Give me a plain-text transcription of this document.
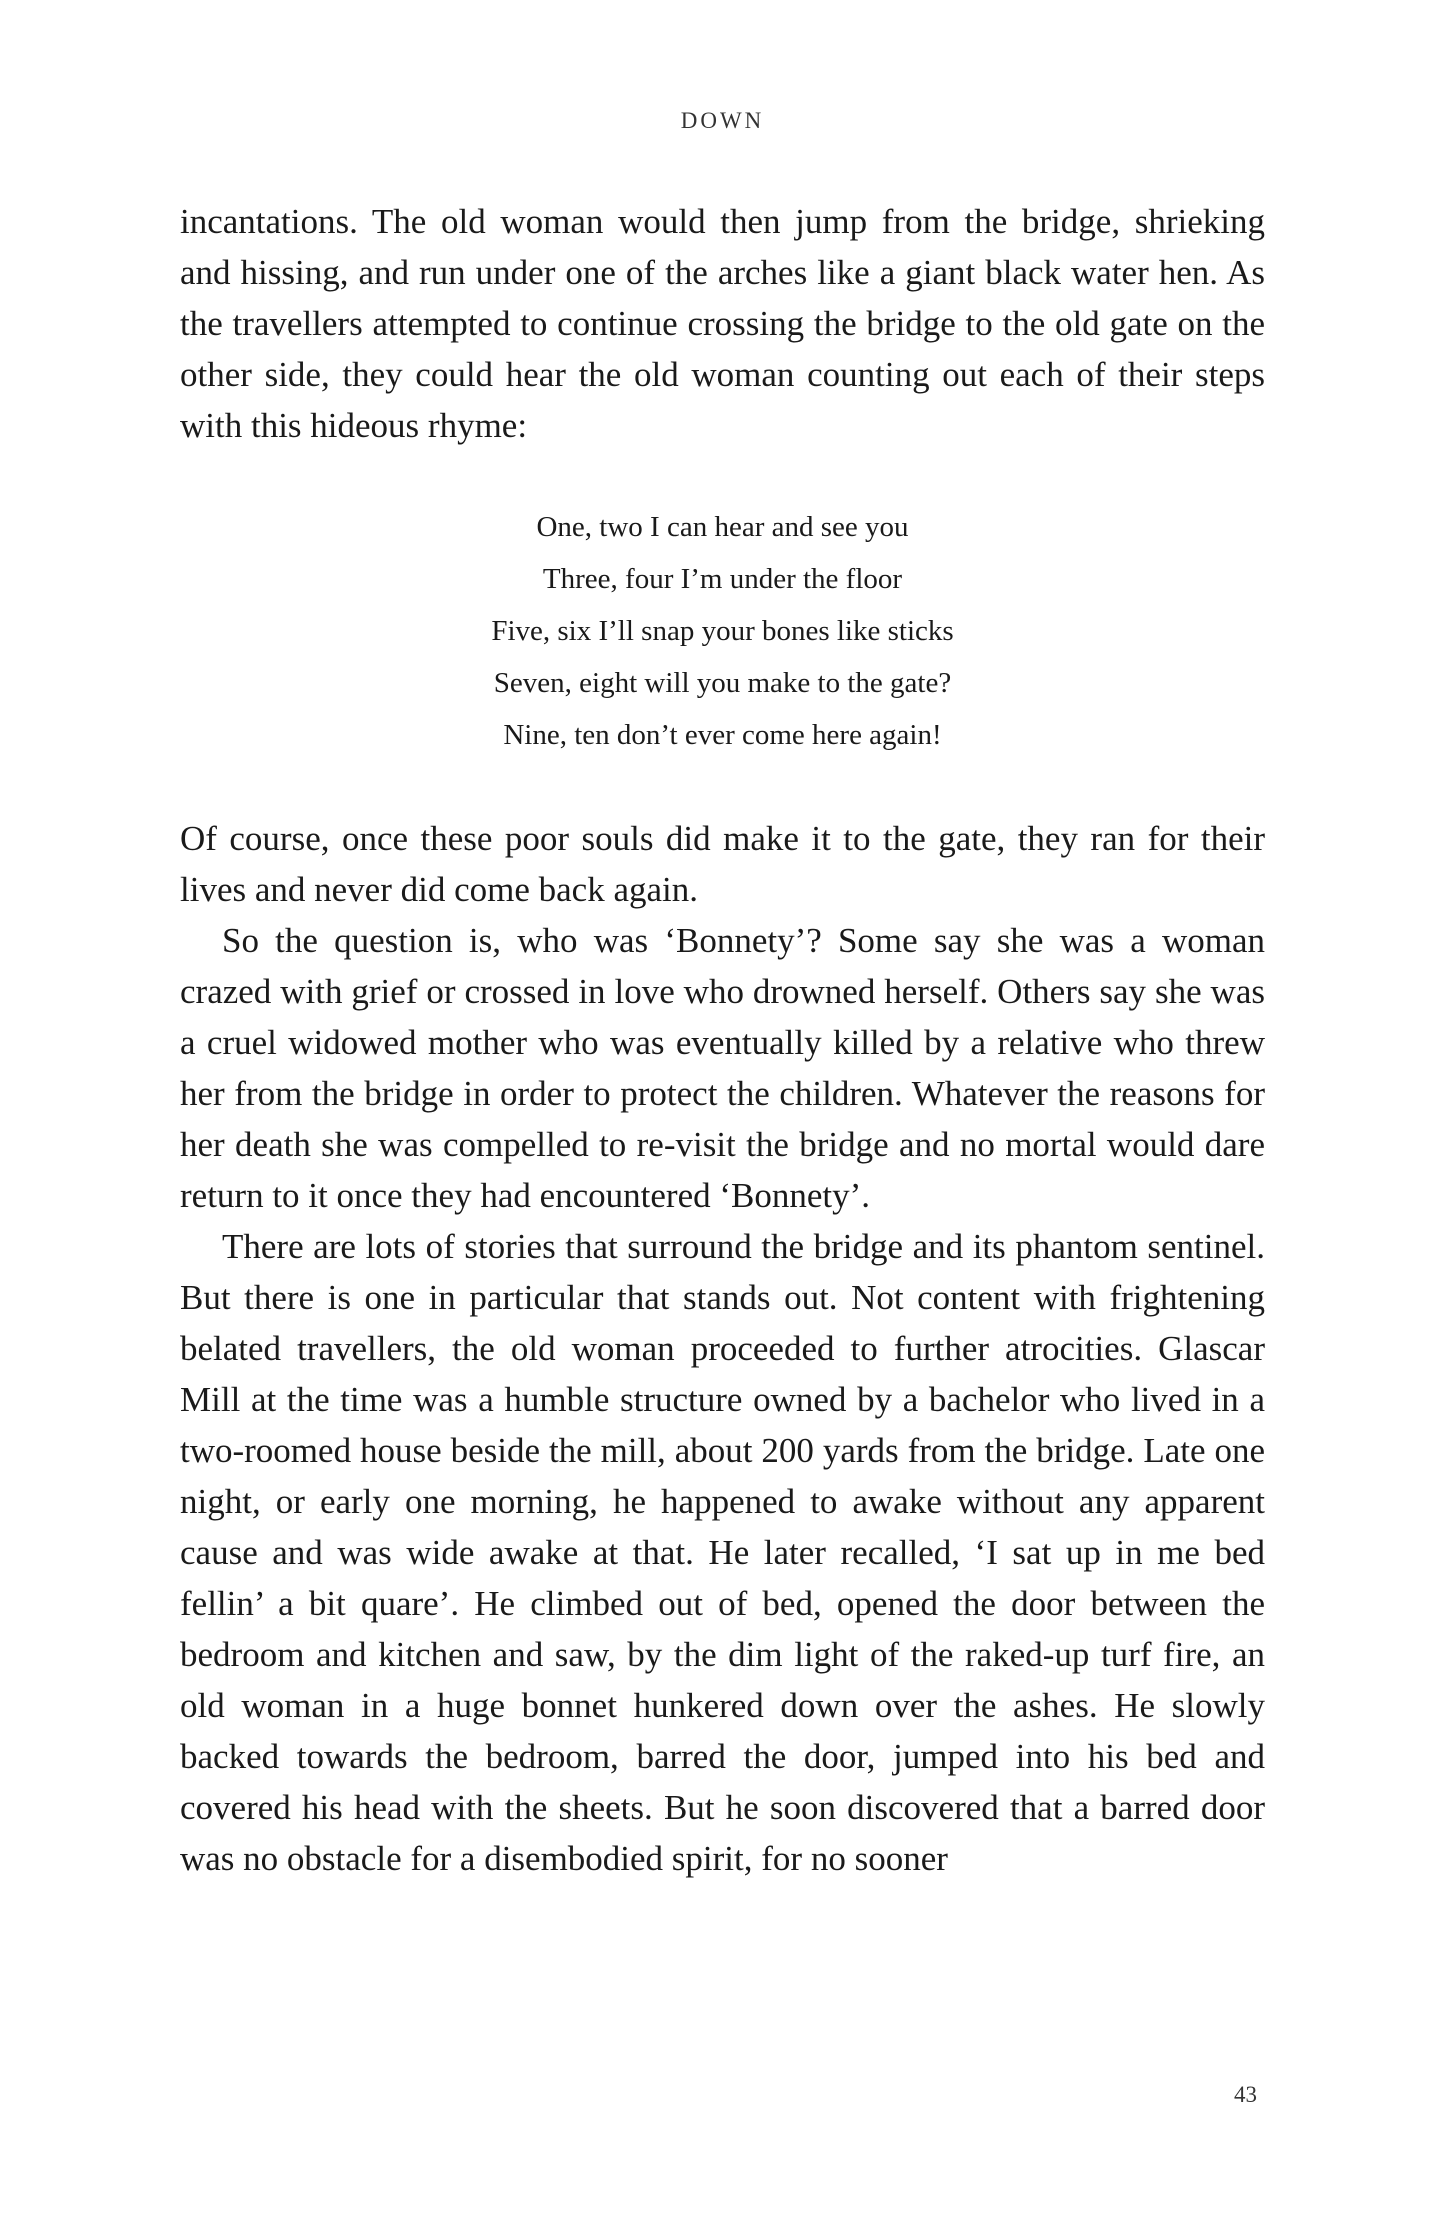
DOWN

incantations. The old woman would then jump from the bridge, shrieking and hissing, and run under one of the arches like a giant black water hen. As the travellers attempted to continue crossing the bridge to the old gate on the other side, they could hear the old woman counting out each of their steps with this hideous rhyme:

One, two I can hear and see you
Three, four I’m under the floor
Five, six I’ll snap your bones like sticks
Seven, eight will you make to the gate?
Nine, ten don’t ever come here again!

Of course, once these poor souls did make it to the gate, they ran for their lives and never did come back again.

So the question is, who was ‘Bonnety’? Some say she was a woman crazed with grief or crossed in love who drowned herself. Others say she was a cruel widowed mother who was eventually killed by a relative who threw her from the bridge in order to protect the children. Whatever the reasons for her death she was compelled to re-visit the bridge and no mortal would dare return to it once they had encountered ‘Bonnety’.

There are lots of stories that surround the bridge and its phantom sentinel. But there is one in particular that stands out. Not content with frightening belated travellers, the old woman proceeded to further atrocities. Glascar Mill at the time was a humble structure owned by a bachelor who lived in a two-roomed house beside the mill, about 200 yards from the bridge. Late one night, or early one morning, he happened to awake without any apparent cause and was wide awake at that. He later recalled, ‘I sat up in me bed fellin’ a bit quare’. He climbed out of bed, opened the door between the bedroom and kitchen and saw, by the dim light of the raked-up turf fire, an old woman in a huge bonnet hunkered down over the ashes. He slowly backed towards the bedroom, barred the door, jumped into his bed and covered his head with the sheets. But he soon discovered that a barred door was no obstacle for a disembodied spirit, for no sooner

43
